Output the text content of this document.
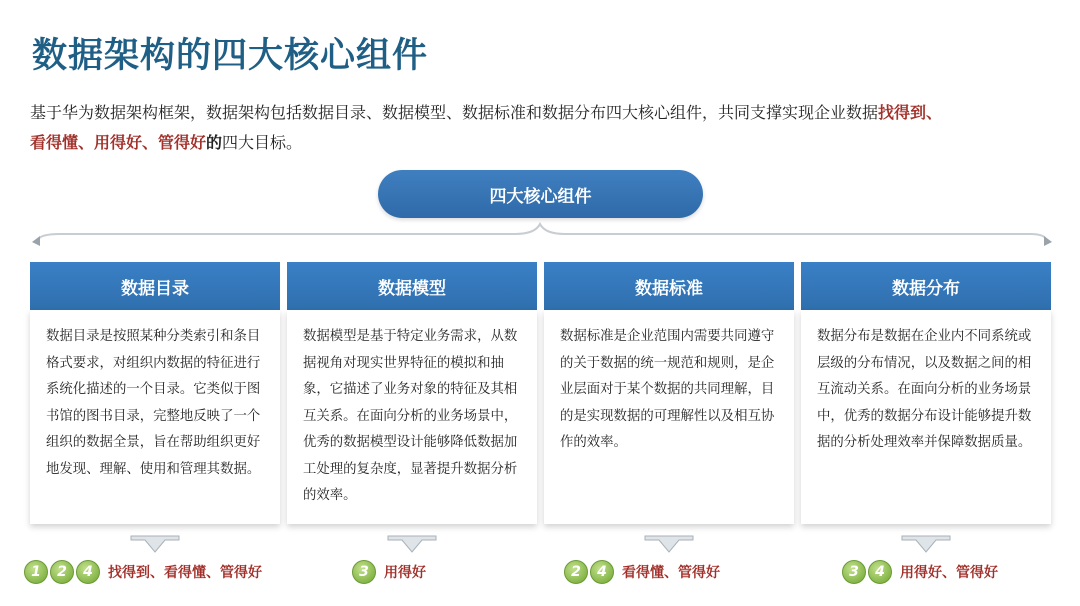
数据架构的四大核心组件

基于华为数据架构框架，数据架构包括数据目录、数据模型、数据标准和数据分布四大核心组件，共同支撑实现企业数据找得到、
看得懂、用得好、管得好的四大目标。

四大核心组件
数据目录
数据目录是按照某种分类索引和条目格式要求，对组织内数据的特征进行系统化描述的一个目录。它类似于图书馆的图书目录，完整地反映了一个组织的数据全景，旨在帮助组织更好地发现、理解、使用和管理其数据。
数据模型
数据模型是基于特定业务需求，从数据视角对现实世界特征的模拟和抽象，它描述了业务对象的特征及其相互关系。在面向分析的业务场景中，优秀的数据模型设计能够降低数据加工处理的复杂度，显著提升数据分析的效率。
数据标准
数据标准是企业范围内需要共同遵守的关于数据的统一规范和规则，是企业层面对于某个数据的共同理解，目的是实现数据的可理解性以及相互协作的效率。
数据分布
数据分布是数据在企业内不同系统或层级的分布情况，以及数据之间的相互流动关系。在面向分析的业务场景中，优秀的数据分布设计能够提升数据的分析处理效率并保障数据质量。
1	2	4	找得到、看得懂、管得好	3	用得好	2	4	看得懂、管得好	3	4	用得好、管得好
